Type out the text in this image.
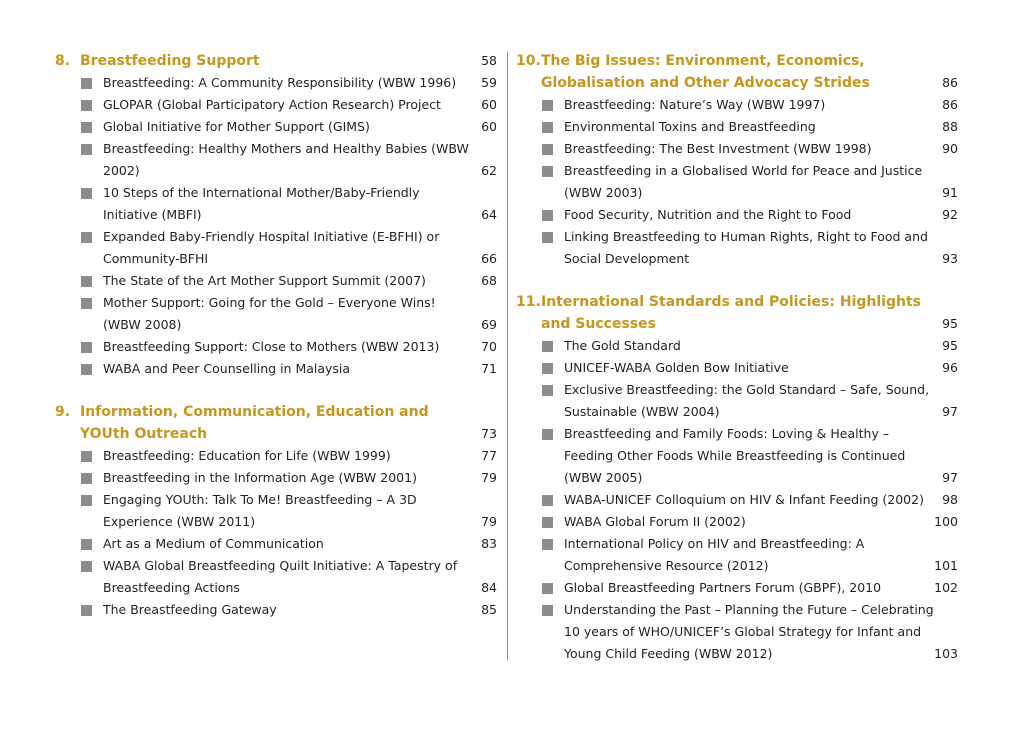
8. Breastfeeding Support	58
Breastfeeding: A Community Responsibility (WBW 1996) 59
GLOPAR (Global Participatory Action Research) Project	60
Global Initiative for Mother Support (GIMS)	60
Breastfeeding: Healthy Mothers and Healthy Babies (WBW 2002)	62
10 Steps of the International Mother/Baby-Friendly Initiative (MBFI)	64
Expanded Baby-Friendly Hospital Initiative (E-BFHI) or Community-BFHI	66
The State of the Art Mother Support Summit (2007)	68
Mother Support: Going for the Gold – Everyone Wins! (WBW 2008)	69
Breastfeeding Support: Close to Mothers (WBW 2013)	70
WABA and Peer Counselling in Malaysia	71
9. Information, Communication, Education and YOUth Outreach	73
Breastfeeding: Education for Life (WBW 1999)	77
Breastfeeding in the Information Age (WBW 2001)	79
Engaging YOUth: Talk To Me! Breastfeeding – A 3D Experience (WBW 2011)	79
Art as a Medium of Communication	83
WABA Global Breastfeeding Quilt Initiative: A Tapestry of Breastfeeding Actions	84
The Breastfeeding Gateway	85
10. The Big Issues: Environment, Economics, Globalisation and Other Advocacy Strides	86
Breastfeeding: Nature’s Way (WBW 1997)	86
Environmental Toxins and Breastfeeding	88
Breastfeeding: The Best Investment (WBW 1998)	90
Breastfeeding in a Globalised World for Peace and Justice (WBW 2003)	91
Food Security, Nutrition and the Right to Food	92
Linking Breastfeeding to Human Rights, Right to Food and Social Development	93
11. International Standards and Policies: Highlights and Successes	95
The Gold Standard	95
UNICEF-WABA Golden Bow Initiative	96
Exclusive Breastfeeding: the Gold Standard – Safe, Sound, Sustainable (WBW 2004)	97
Breastfeeding and Family Foods: Loving & Healthy – Feeding Other Foods While Breastfeeding is Continued (WBW 2005)	97
WABA-UNICEF Colloquium on HIV & Infant Feeding (2002) 98
WABA Global Forum II (2002)	100
International Policy on HIV and Breastfeeding: A Comprehensive Resource (2012)	101
Global Breastfeeding Partners Forum (GBPF), 2010	102
Understanding the Past – Planning the Future – Celebrating 10 years of WHO/UNICEF’s Global Strategy for Infant and Young Child Feeding (WBW 2012)	103
